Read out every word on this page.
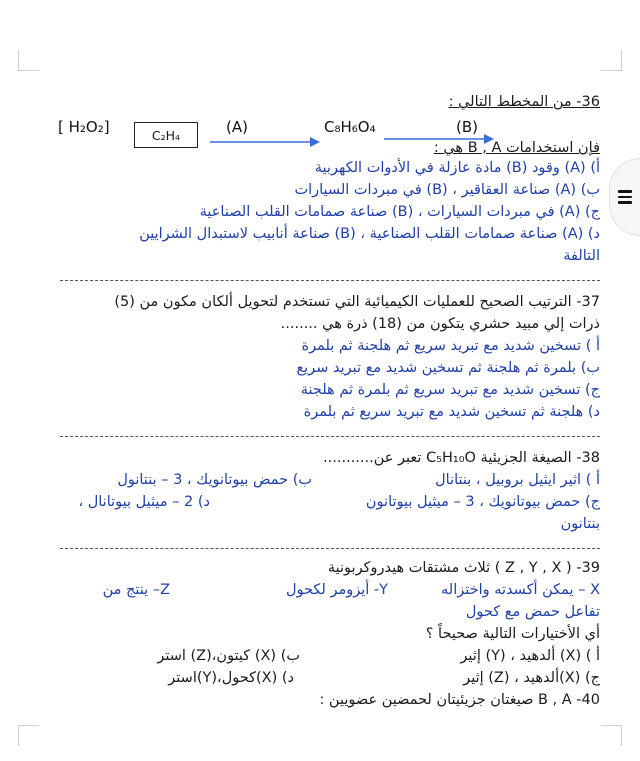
36- من المخطط التالي :
[ H₂O₂]	C₂H₄	(A)	C₈H₆O₄	(B)
فإن استخدامات B , A هي :
أ) (A) وقود (B) مادة عازلة في الأدوات الكهربية
ب) (A) صناعة العقاقير ، (B) في مبردات السيارات
ج) (A) في مبردات السيارات ، (B) صناعة صمامات القلب الصناعية
د) (A) صناعة صمامات القلب الصناعية ، (B) صناعة أنابيب لاستبدال الشرايين
التالفة
37- الترتيب الصحيح للعمليات الكيميائية التي تستخدم لتحويل ألكان مكون من (5)
ذرات إلي مبيد حشري يتكون من (18) ذرة هي ........
أ ) تسخين شديد مع تبريد سريع ثم هلجنة ثم بلمرة
ب) بلمرة ثم هلجنة ثم تسخين شديد مع تبريد سريع
ج) تسخين شديد مع تبريد سريع ثم بلمرة ثم هلجنة
د) هلجنة ثم تسخين شديد مع تبريد سريع ثم بلمرة
38- الصيغة الجزيئية C₅H₁₀O تعبر عن...........
أ ) اثير ايثيل بروبيل ، بنتانال
ب) حمض بيوتانويك ، 3 – بنتانول
ج) حمض بيوتانويك ، 3 – ميثيل بيوتانون
د) 2 – ميثيل بيوتانال ،
بنتانون
39- ( Z , Y , X ) ثلاث مشتقات هيدروكربونية
X – يمكن أكسدته واختزاله
Y- أيزومر لكحول
Z– ينتج من
تفاعل حمض مع كحول
أي الأختيارات التالية صحيحاً ؟
أ ) (X) ألدهيد ، (Y) إثير
ب) (X) كيتون،(Z) استر
ج) (X)ألدهيد ، (Z) إثير
د) (X)كحول،(Y)استر
40- B , A صيغتان جزيئيتان لحمضين عضويين :
